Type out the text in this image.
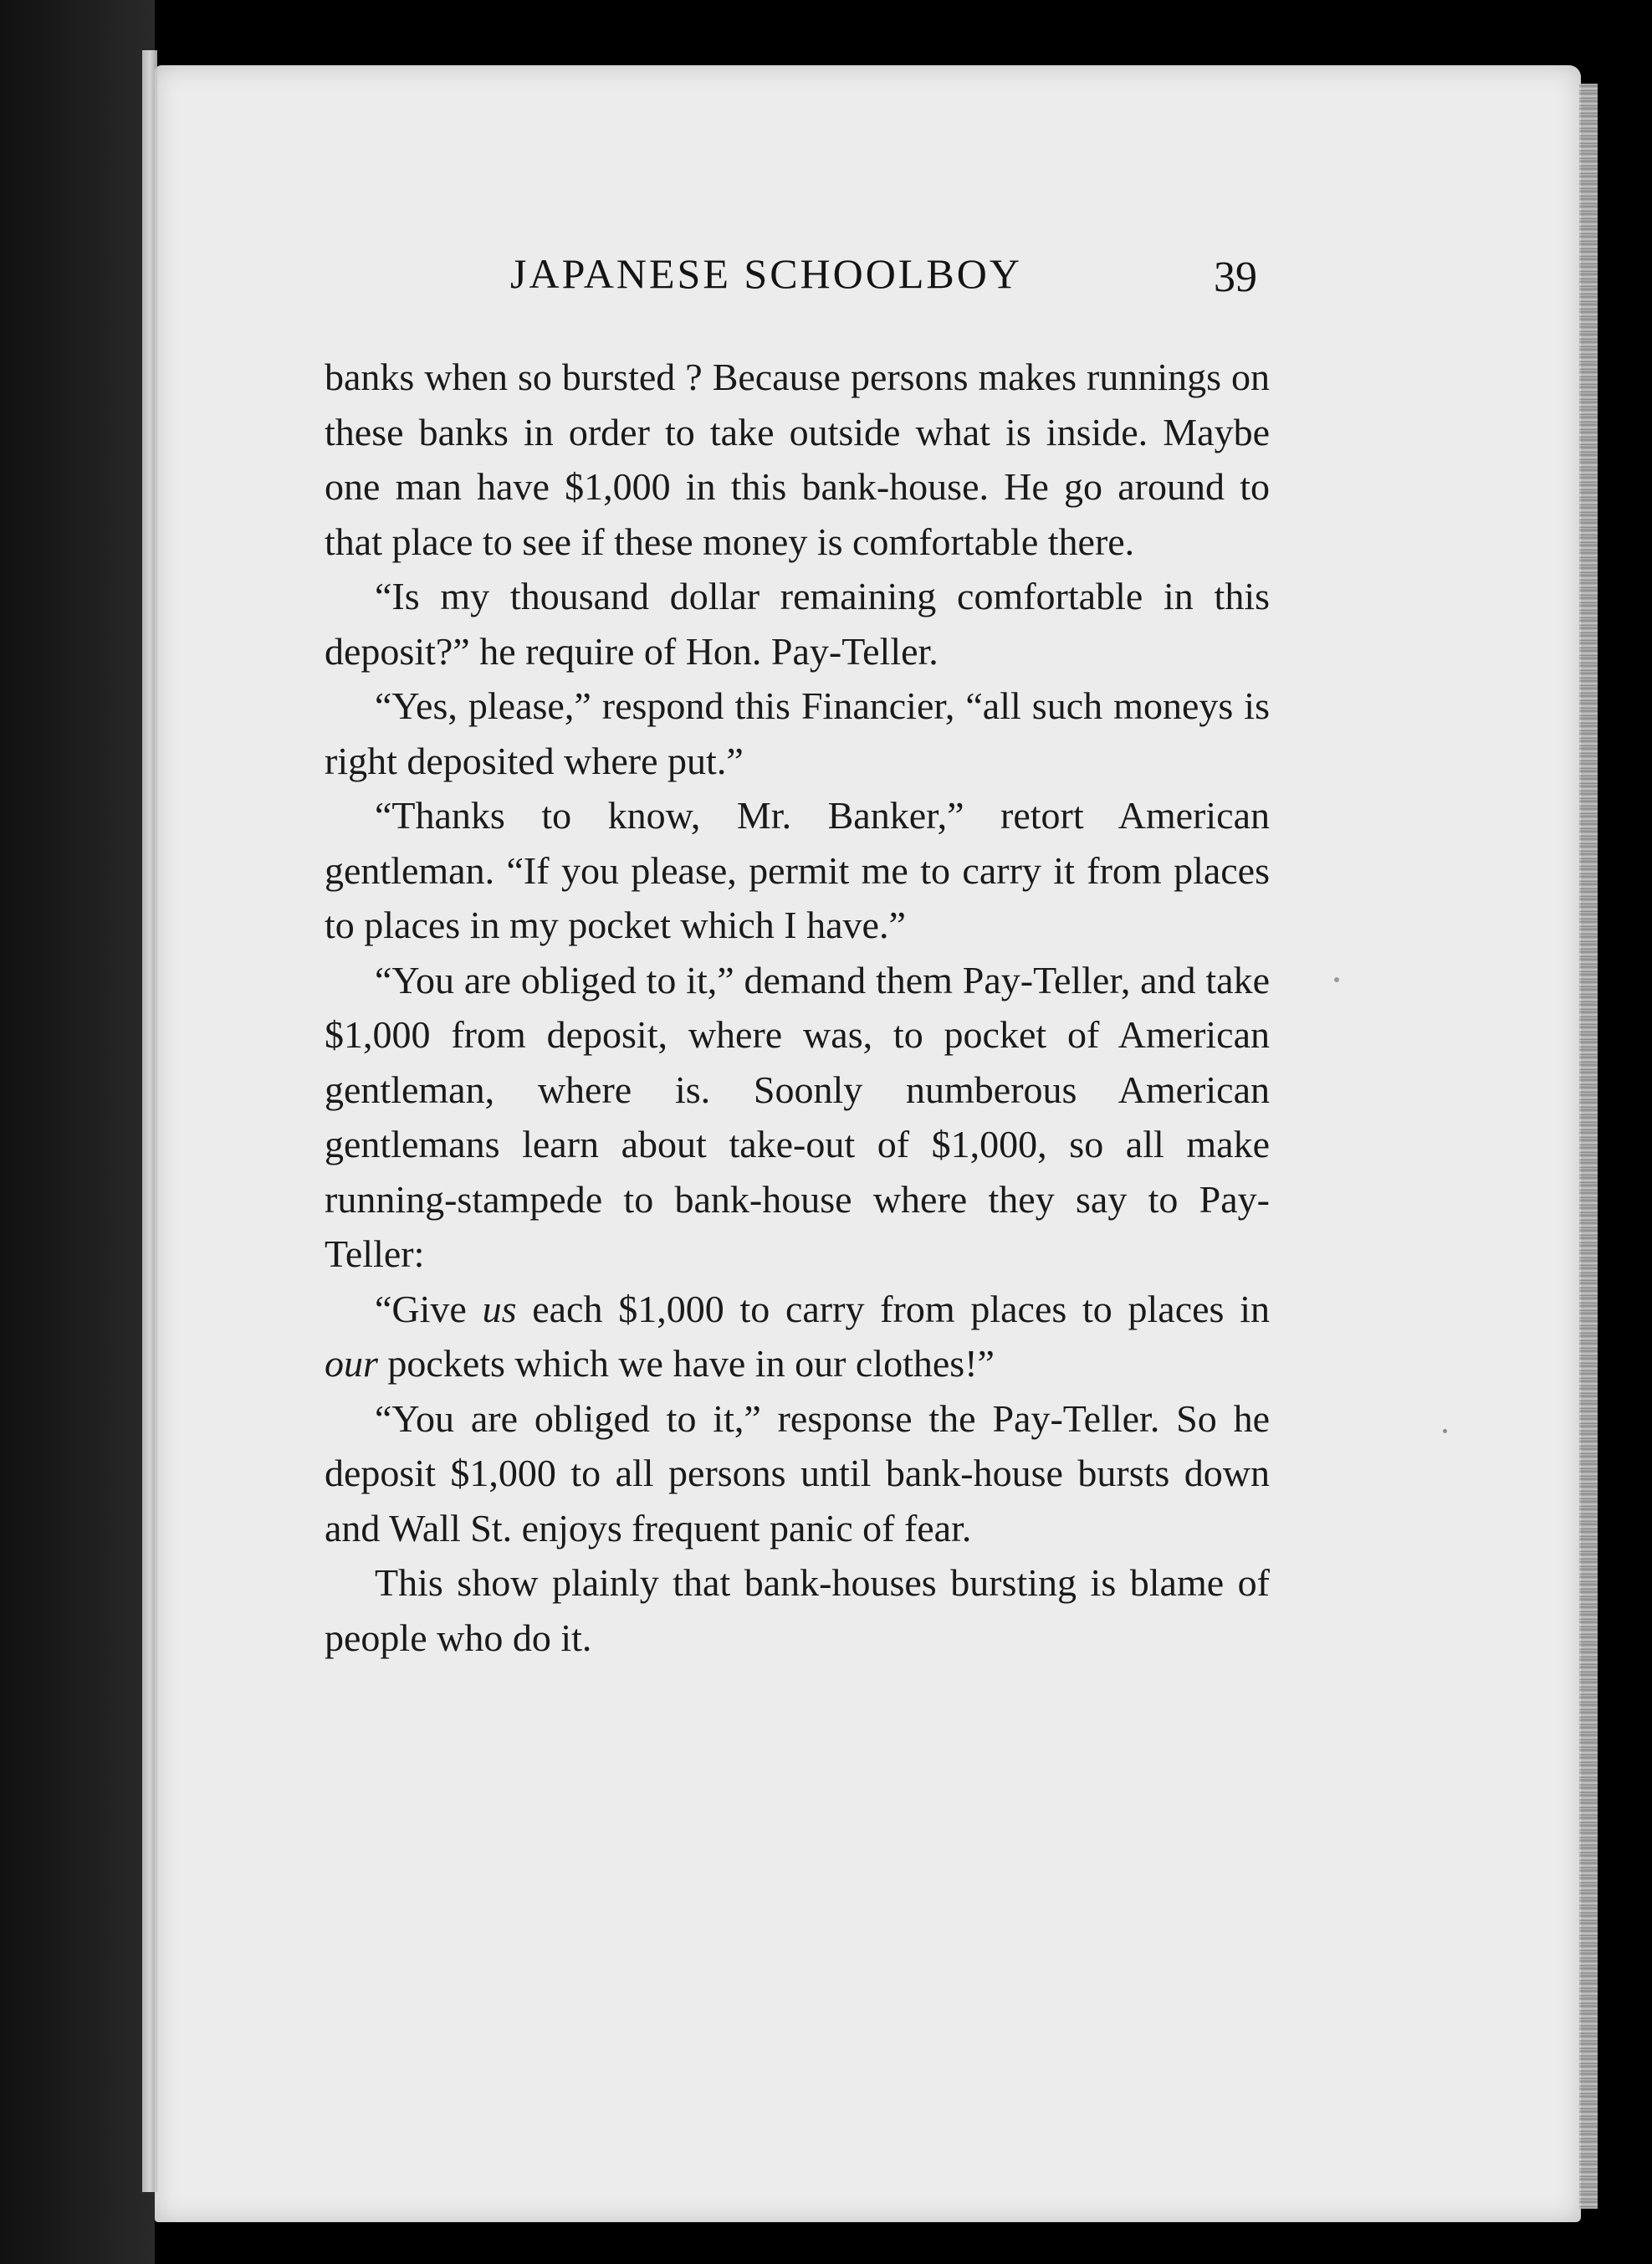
JAPANESE SCHOOLBOY	39

banks when so bursted ? Because persons makes runnings on these banks in order to take outside what is inside. Maybe one man have $1,000 in this bank-house. He go around to that place to see if these money is comfortable there.

“Is my thousand dollar remaining comfortable in this deposit?” he require of Hon. Pay-Teller.

“Yes, please,” respond this Financier, “all such moneys is right deposited where put.”

“Thanks to know, Mr. Banker,” retort American gentleman. “If you please, permit me to carry it from places to places in my pocket which I have.”

“You are obliged to it,” demand them Pay-Teller, and take $1,000 from deposit, where was, to pocket of American gentleman, where is. Soonly numberous American gentlemans learn about take-out of $1,000, so all make running-stampede to bank-house where they say to Pay-Teller:

“Give us each $1,000 to carry from places to places in our pockets which we have in our clothes!”

“You are obliged to it,” response the Pay-Teller. So he deposit $1,000 to all persons until bank-house bursts down and Wall St. enjoys frequent panic of fear.

This show plainly that bank-houses bursting is blame of people who do it.
